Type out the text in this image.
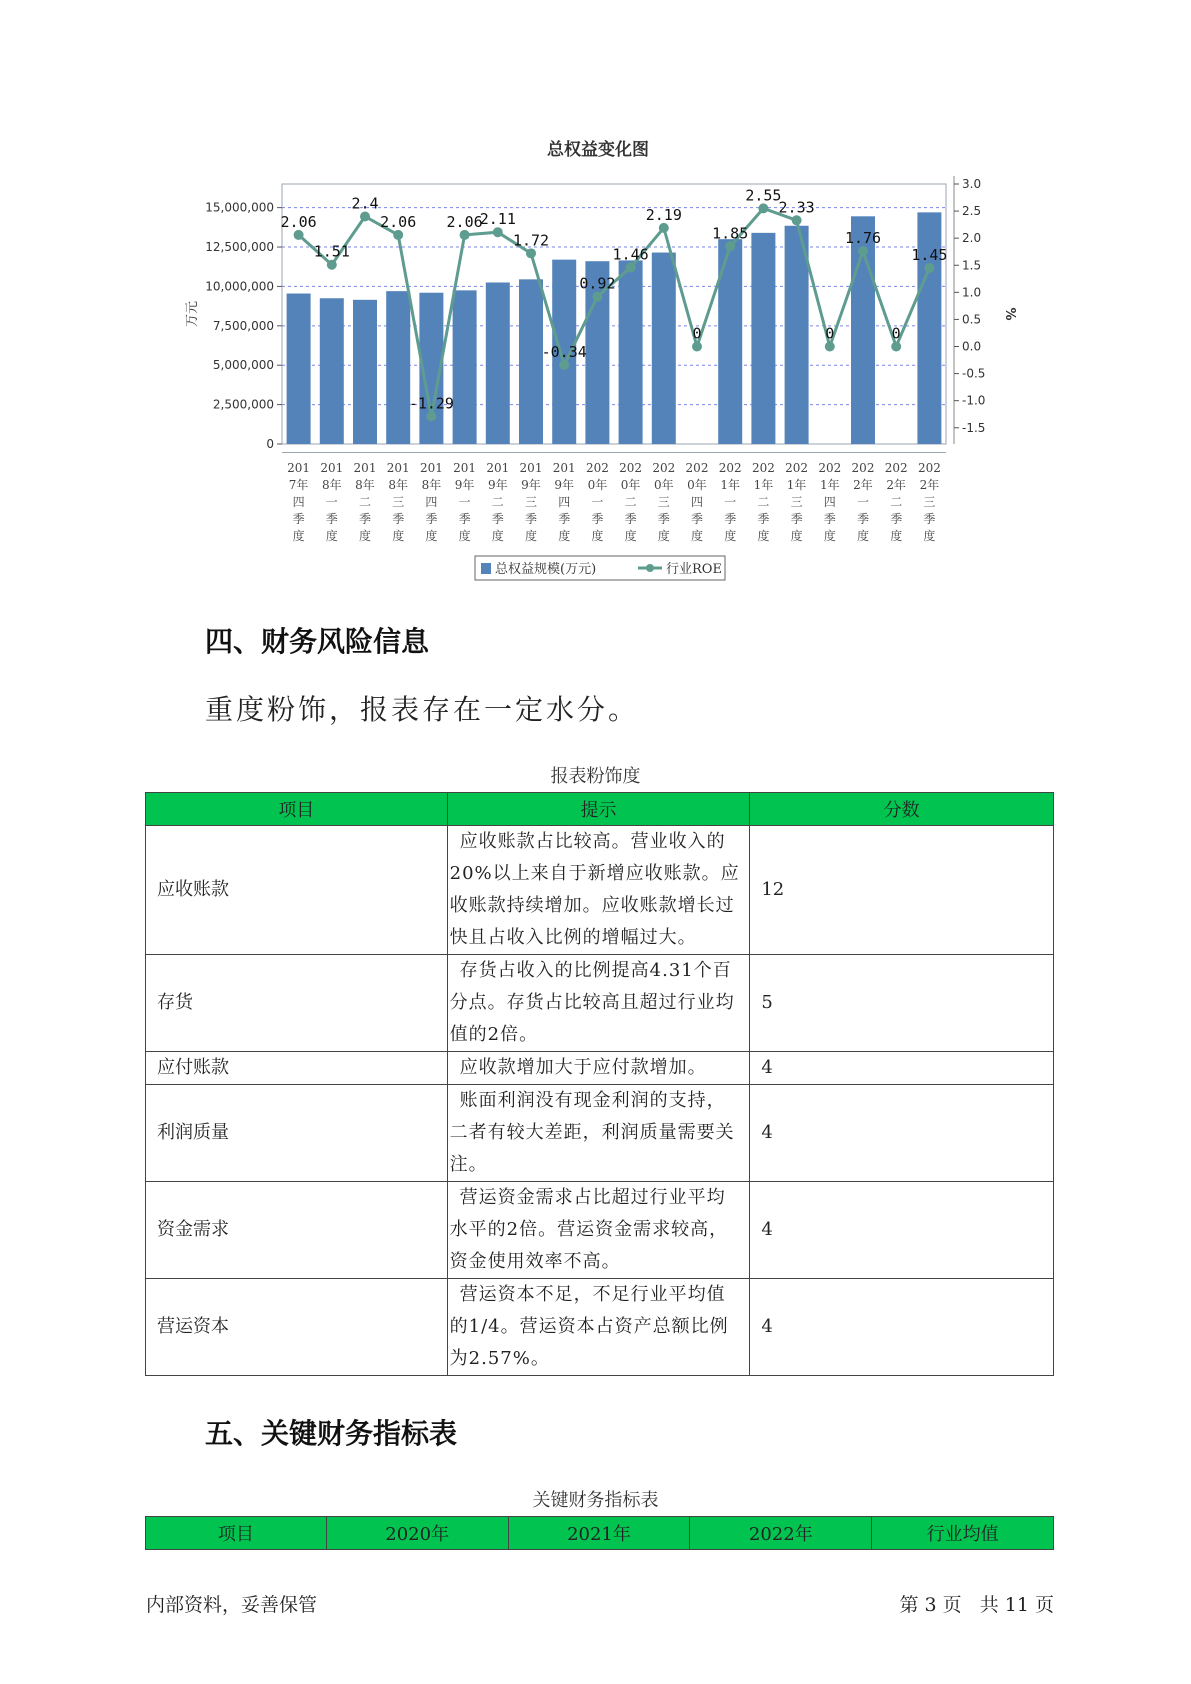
总权益变化图
0
2,500,000
5,000,000
7,500,000
10,000,000
12,500,000
15,000,000
万元
-1.5
-1.0
-0.5
0.0
0.5
1.0
1.5
2.0
2.5
3.0
%
2.06
1.51
2.4
2.06
-1.29
2.06
2.11
1.72
-0.34
0.92
1.46
2.19
0
1.85
2.55
2.33
0
1.76
0
1.45
201
7年
四
季
度
201
8年
一
季
度
201
8年
二
季
度
201
8年
三
季
度
201
8年
四
季
度
201
9年
一
季
度
201
9年
二
季
度
201
9年
三
季
度
201
9年
四
季
度
202
0年
一
季
度
202
0年
二
季
度
202
0年
三
季
度
202
0年
四
季
度
202
1年
一
季
度
202
1年
二
季
度
202
1年
三
季
度
202
1年
四
季
度
202
2年
一
季
度
202
2年
二
季
度
202
2年
三
季
度
总权益规模(万元)	行业ROE
四、财务风险信息

重度粉饰，报表存在一定水分。

报表粉饰度
项目	提示	分数
应收账款	应收账款占比较高。营业收入的
20%以上来自于新增应收账款。应
收账款持续增加。应收账款增长过
快且占收入比例的增幅过大。	12
存货	存货占收入的比例提高4.31个百
分点。存货占比较高且超过行业均
值的2倍。	5
应付账款	应收款增加大于应付款增加。	4
利润质量	账面利润没有现金利润的支持，
二者有较大差距，利润质量需要关
注。	4
资金需求	营运资金需求占比超过行业平均
水平的2倍。营运资金需求较高，
资金使用效率不高。	4
营运资本	营运资本不足，不足行业平均值
的1/4。营运资本占资产总额比例
为2.57%。	4
五、关键财务指标表
关键财务指标表
项目	2020年	2021年	2022年	行业均值
内部资料，妥善保管	第 3 页   共 11 页
